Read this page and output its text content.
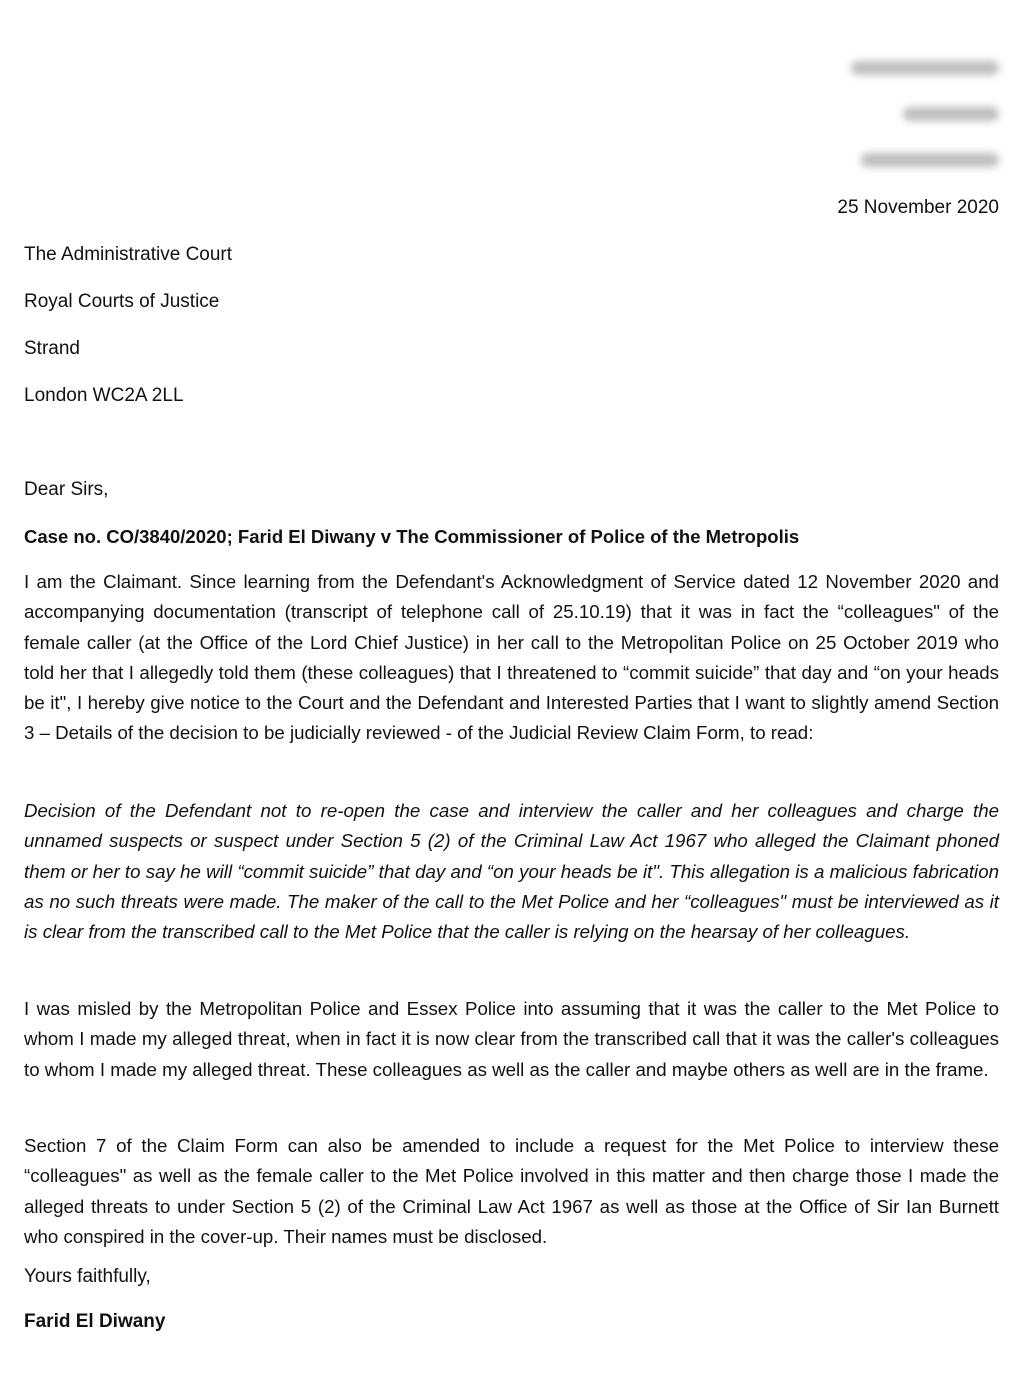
25 November 2020
The Administrative Court
Royal Courts of Justice
Strand
London WC2A 2LL
Dear Sirs,
Case no. CO/3840/2020; Farid El Diwany v The Commissioner of Police of the Metropolis

I am the Claimant. Since learning from the Defendant's Acknowledgment of Service dated 12 November 2020 and accompanying documentation (transcript of telephone call of 25.10.19) that it was in fact the “colleagues" of the female caller (at the Office of the Lord Chief Justice) in her call to the Metropolitan Police on 25 October 2019 who told her that I allegedly told them (these colleagues) that I threatened to “commit suicide” that day and “on your heads be it", I hereby give notice to the Court and the Defendant and Interested Parties that I want to slightly amend Section 3 – Details of the decision to be judicially reviewed - of the Judicial Review Claim Form, to read:

Decision of the Defendant not to re-open the case and interview the caller and her colleagues and charge the unnamed suspects or suspect under Section 5 (2) of the Criminal Law Act 1967 who alleged the Claimant phoned them or her to say he will “commit suicide” that day and “on your heads be it". This allegation is a malicious fabrication as no such threats were made. The maker of the call to the Met Police and her “colleagues" must be interviewed as it is clear from the transcribed call to the Met Police that the caller is relying on the hearsay of her colleagues.

I was misled by the Metropolitan Police and Essex Police into assuming that it was the caller to the Met Police to whom I made my alleged threat, when in fact it is now clear from the transcribed call that it was the caller's colleagues to whom I made my alleged threat. These colleagues as well as the caller and maybe others as well are in the frame.

Section 7 of the Claim Form can also be amended to include a request for the Met Police to interview these “colleagues" as well as the female caller to the Met Police involved in this matter and then charge those I made the alleged threats to under Section 5 (2) of the Criminal Law Act 1967 as well as those at the Office of Sir Ian Burnett who conspired in the cover-up. Their names must be disclosed.

Yours faithfully,
Farid El Diwany
